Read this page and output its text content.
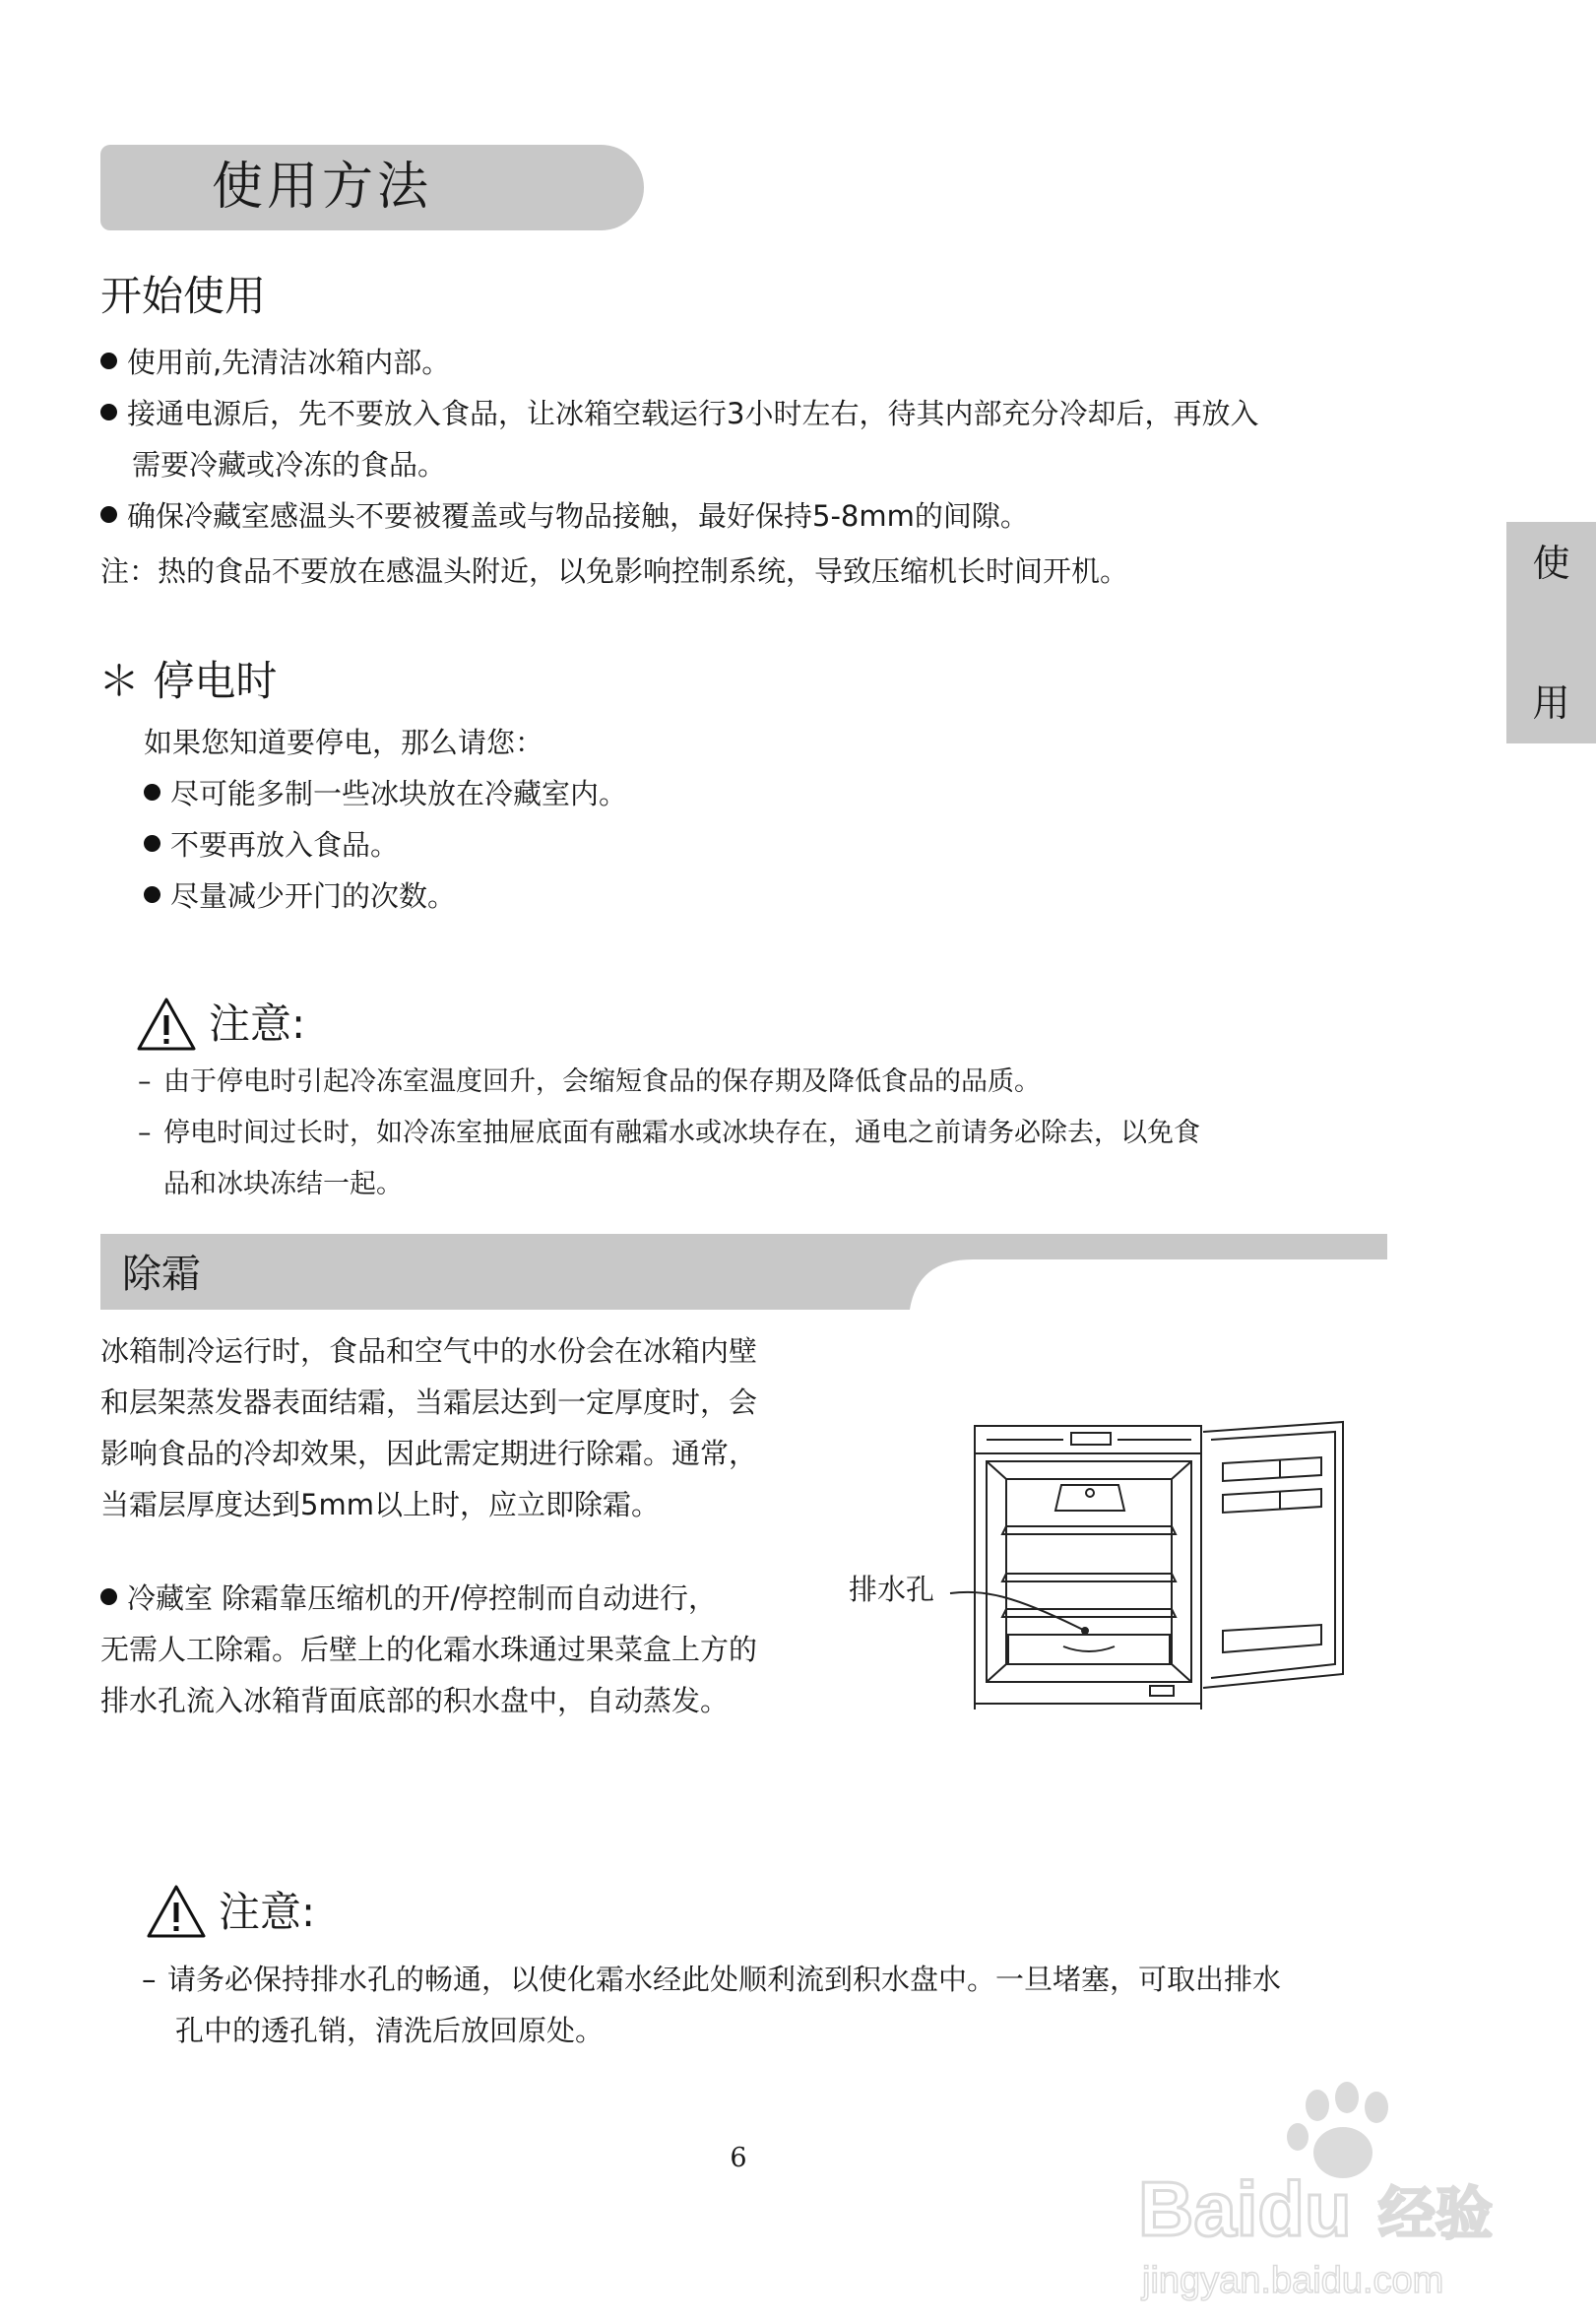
使用方法
使
用
开始使用
使用前,先清洁冰箱内部。
接通电源后，先不要放入食品，让冰箱空载运行3小时左右，待其内部充分冷却后，再放入
需要冷藏或冷冻的食品。
确保冷藏室感温头不要被覆盖或与物品接触，最好保持5-8mm的间隙。
注：热的食品不要放在感温头附近，以免影响控制系统，导致压缩机长时间开机。
＊ 停电时
如果您知道要停电，那么请您：
尽可能多制一些冰块放在冷藏室内。
不要再放入食品。
尽量减少开门的次数。
注意:
– 由于停电时引起冷冻室温度回升，会缩短食品的保存期及降低食品的品质。
– 停电时间过长时，如冷冻室抽屉底面有融霜水或冰块存在，通电之前请务必除去，以免食
品和冰块冻结一起。
除霜
冰箱制冷运行时，食品和空气中的水份会在冰箱内壁
和层架蒸发器表面结霜，当霜层达到一定厚度时，会
影响食品的冷却效果，因此需定期进行除霜。通常，
当霜层厚度达到5mm以上时，应立即除霜。
冷藏室 除霜靠压缩机的开/停控制而自动进行，
无需人工除霜。后壁上的化霜水珠通过果菜盒上方的
排水孔流入冰箱背面底部的积水盘中，自动蒸发。
排水孔
注意:
– 请务必保持排水孔的畅通，以使化霜水经此处顺利流到积水盘中。一旦堵塞，可取出排水
孔中的透孔销，清洗后放回原处。
6
Baidu 经验
jingyan.baidu.com
